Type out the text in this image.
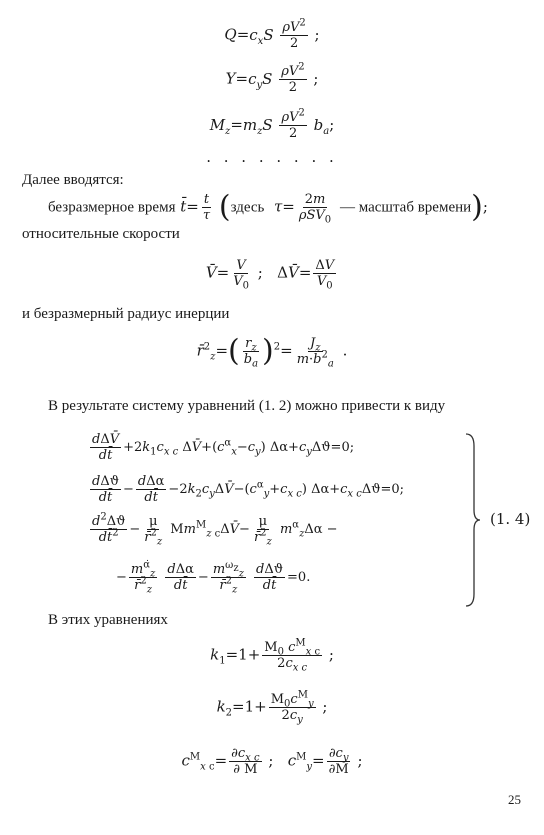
$Q=c_xS \frac{\rho V^2}{2}$ ;
$Y=c_yS \frac{\rho V^2}{2}$ ;
$M_z=m_zS \frac{\rho V^2}{2} b_a$;
. . . . . . . .
Далее вводятся:
безразмерное время t̄= $\frac{t}{\tau}$ (здесь $\tau= \frac{2m}{\rho SV_0}$ — масштаб времени);
относительные скорости
V̄= $\frac{V}{V_0}$ ;   ΔV̄= $\frac{\Delta V}{V_0}$
и безразмерный радиус инерции
r̄$^2_z$=( $\frac{r_z}{b_a} )^2= \frac{J_z}{m\cdot b^2_a}$ .
В результате систему уравнений (1. 2) можно привести к виду
$\frac{\text{dΔV̄}}{dt̄} +2k_1c_{x c}$ $\Delta V̄+(c^\alpha_x-c_y)$ $\Delta\alpha+c_y\Delta ϑ=0$;
$\frac{\text{dΔϑ}}{dt̄} - \frac{\text{dΔα}}{dt̄}$ $-2k_2c_y\Delta V̄-(c^\alpha_y+c_{x c})$ $\Delta\alpha+c_{x c}\Delta ϑ=0$;
$\frac{d^2\Delta ϑ}{dt̄^2} - \frac{\mu}{r̄^2_z}$ $Mm^M_{z c}\Delta V̄- \frac{\mu}{r̄^2_z} m^\alpha_z\Delta\alpha$ −
− $\frac{m^{\alphȧ}_z}{r̄^2_z}$
$\frac{\text{dΔα}}{dt̄} - \frac{m^{\omega_z}_z}{r̄^2_z}$
$\frac{\text{dΔϑ}}{dt̄} =0$.
(1. 4)
В этих уравнениях
$k_1=1+ \frac{M_0 c^M_{x c}}{2c_{x c}}$ ;
$k_2=1+ \frac{M_0c^M_y}{2c_y}$ ;
$c^M_{x c}= \frac{\partial c_{x c}}{\partial M}$ ;   $c^M_y= \frac{\partial c_y}{\partial M}$ ;
25
